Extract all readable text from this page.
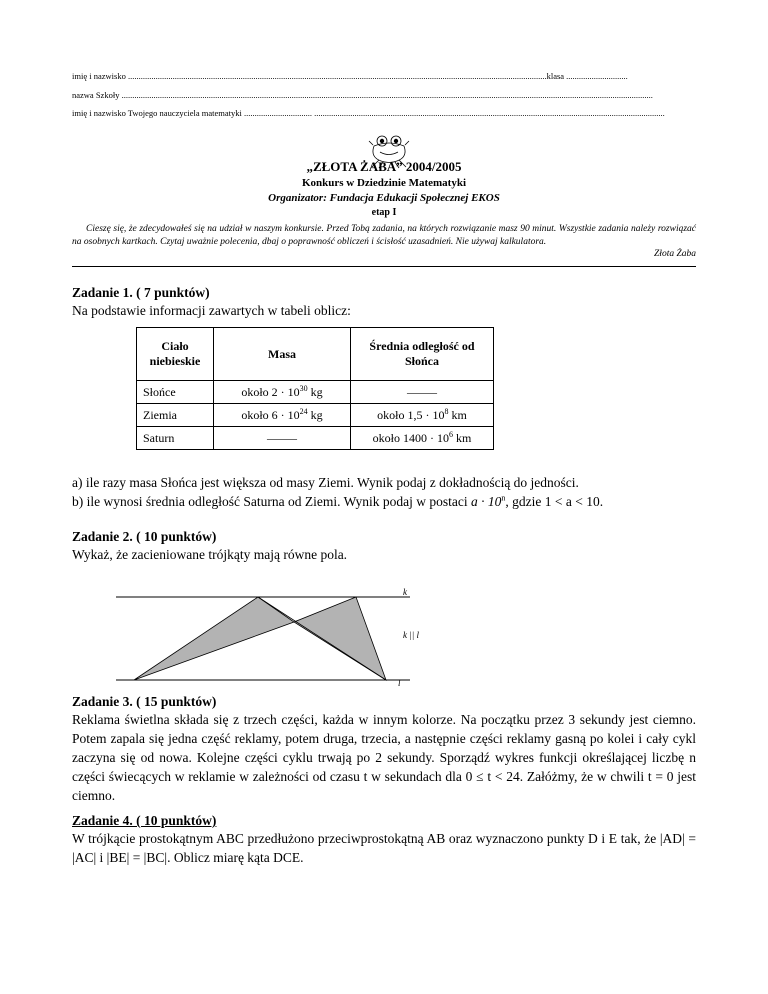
imię i nazwisko .....................................................................................................................................................................................................klasa .............................
nazwa Szkoły ..........................................................................................................................................................................................................................................................
imię i nazwisko Twojego nauczyciela matematyki ................................ .....................................................................................................................................................................
„ZŁOTA ŻABA” 2004/2005
Konkurs w Dziedzinie Matematyki
Organizator: Fundacja Edukacji Społecznej EKOS
etap I
Cieszę się, że zdecydowałeś się na udział w naszym konkursie. Przed Tobą zadania, na których rozwiązanie masz 90 minut. Wszystkie zadania należy rozwiązać na osobnych kartkach. Czytaj uważnie polecenia, dbaj o poprawność obliczeń i ścisłość uzasadnień. Nie używaj kalkulatora.
Złota Żaba
Zadanie 1. ( 7 punktów)
Na podstawie informacji zawartych w tabeli oblicz:
Ciało niebieskie	Masa	Średnia odległość od Słońca
Słońce	około $2 \cdot 10^{30}$ kg	–––––
Ziemia	około $6 \cdot 10^{24}$ kg	około $1,5 \cdot 10^8$ km
Saturn	–––––	około $1400 \cdot 10^6$ km
a) ile razy masa Słońca jest większa od masy Ziemi. Wynik podaj z dokładnością do jedności.
b) ile wynosi średnia odległość Saturna od Ziemi. Wynik podaj w postaci $a \cdot 10^n$, gdzie 1 < a < 10.
Zadanie 2. ( 10 punktów)
Wykaż, że zacieniowane trójkąty mają równe pola.
k
k || l
l
Zadanie 3. ( 15 punktów)
Reklama świetlna składa się z trzech części, każda w innym kolorze. Na początku przez 3 sekundy jest ciemno. Potem zapala się jedna część reklamy, potem druga, trzecia, a następnie części reklamy gasną po kolei i cały cykl zaczyna się od nowa. Kolejne części cyklu trwają po 2 sekundy. Sporządź wykres funkcji określającej liczbę n części świecących w reklamie w zależności od czasu t w sekundach dla 0 ≤ t < 24. Załóżmy, że w chwili t = 0 jest ciemno.
Zadanie 4. ( 10 punktów)
W trójkącie prostokątnym ABC przedłużono przeciwprostokątną AB oraz wyznaczono punkty D i E tak, że |AD| = |AC| i |BE| = |BC|. Oblicz miarę kąta DCE.
